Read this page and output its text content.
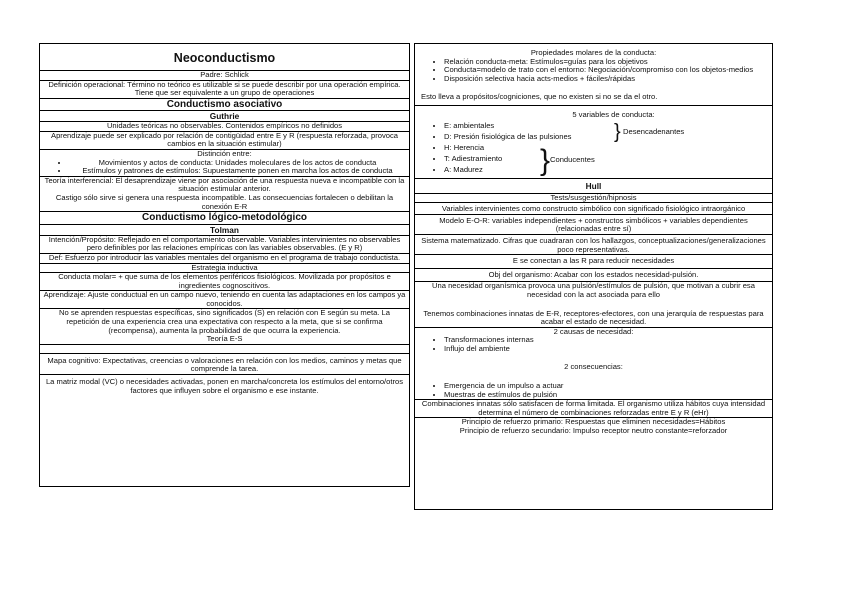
Neoconductismo
Padre: Schlick
Definición operacional: Término no teórico es utilizable si se puede describir por una operación empírica. Tiene que ser equivalente a un grupo de operaciones
Conductismo asociativo
Guthrie
Unidades teóricas no observables. Contenidos empíricos no definidos
Aprendizaje puede ser explicado por relación de contigüidad entre E y R (respuesta reforzada, provoca cambios en la situación estimular)
Distinción entre:
• Movimientos y actos de conducta: Unidades moleculares de los actos de conducta
• Estímulos y patrones de estímulos: Supuestamente ponen en marcha los actos de conducta
Teoría interferencial: El desaprendizaje viene por asociación de una respuesta nueva e incompatible con la situación estimular anterior.
Castigo sólo sirve si genera una respuesta incompatible. Las consecuencias fortalecen o debilitan la conexión E-R
Conductismo lógico-metodológico
Tolman
Intención/Propósito: Reflejado en el comportamiento observable. Variables intervinientes no observables pero definibles por las relaciones empíricas con las variables observables. (E y R)
Def: Esfuerzo por introducir las variables mentales del organismo en el programa de trabajo conductista.
Estrategia inductiva
Conducta molar= + que suma de los elementos periféricos fisiológicos. Movilizada por propósitos e ingredientes cognoscitivos.
Aprendizaje: Ajuste conductual en un campo nuevo, teniendo en cuenta las adaptaciones en los campos ya conocidos.
No se aprenden respuestas específicas, sino significados (S) en relación con E según su meta. La repetición de una experiencia crea una expectativa con respecto a la meta, que si se confirma (recompensa), aumenta la probabilidad de que ocurra la experiencia.
Teoría E-S
Mapa cognitivo: Expectativas, creencias o valoraciones en relación con los medios, caminos y metas que comprende la tarea.
La matriz modal (VC) o necesidades activadas, ponen en marcha/concreta los estímulos del entorno/otros factores que influyen sobre el organismo e ese instante.
Propiedades molares de la conducta:
• Relación conducta-meta: Estímulos=guías para los objetivos
• Conducta=modelo de trato con el entorno: Negociación/compromiso con los objetos-medios
• Disposición selectiva hacia acts-medios + fáciles/rápidas
Esto lleva a propósitos/cogniciones, que no existen si no se da el otro.
5 variables de conducta:
• E: ambientales
• D: Presión fisiológica de las pulsiones
• H: Herencia
• T: Adiestramiento
• A: Madurez
} Desencadenantes
} Conducentes
Hull
Tests/susgestión/hipnosis
Variables intervinientes como constructo simbólico con significado fisiológico intraorgánico
Modelo E-O-R: variables independientes + constructos simbólicos + variables dependientes (relacionadas entre sí)
Sistema matematizado. Cifras que cuadraran con los hallazgos, conceptualizaciones/generalizaciones poco representativas.
E se conectan a las R para reducir necesidades
Obj del organismo: Acabar con los estados necesidad-pulsión.
Una necesidad organísmica provoca una pulsión/estímulos de pulsión, que motivan a cubrir esa necesidad con la act asociada para ello
Tenemos combinaciones innatas de E-R, receptores-efectores, con una jerarquía de respuestas para acabar el estado de necesidad.
2 causas de necesidad:
• Transformaciones internas
• Influjo del ambiente
2 consecuencias:
• Emergencia de un impulso a actuar
• Muestras de estímulos de pulsión
Combinaciones innatas sólo satisfacen de forma limitada. El organismo utiliza hábitos cuya intensidad determina el número de combinaciones reforzadas entre E y R (eHr)
Principio de refuerzo primario: Respuestas que eliminen necesidades=Hábitos
Principio de refuerzo secundario: Impulso receptor neutro constante=reforzador
